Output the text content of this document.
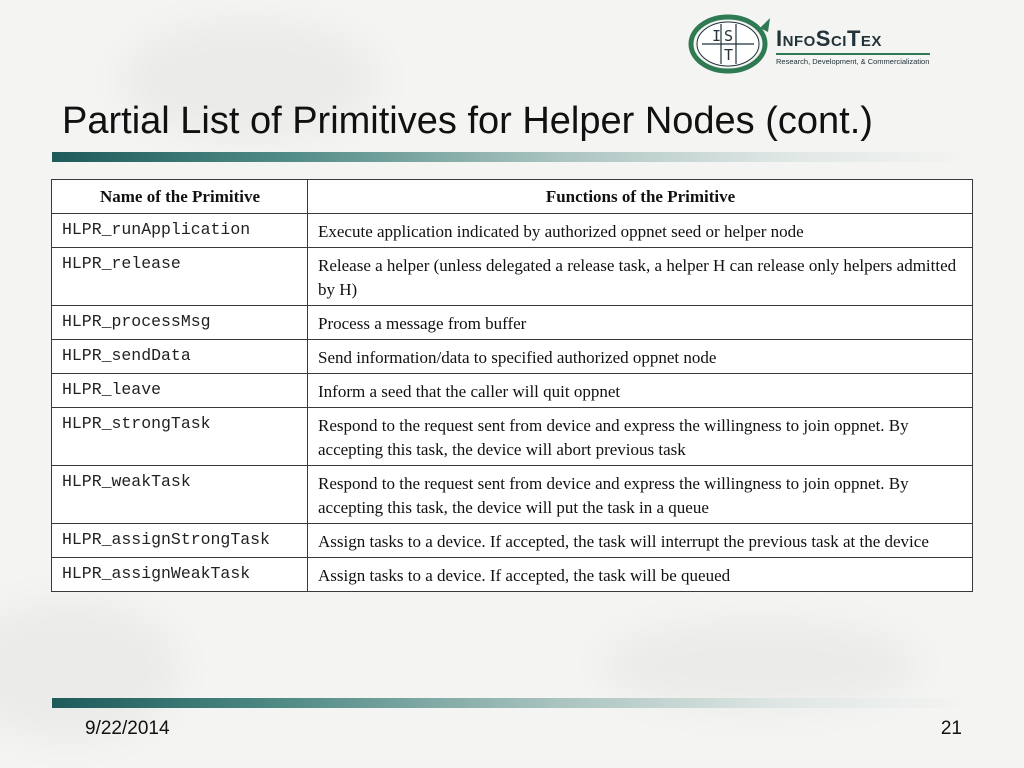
I S
T
InfoSciTex
Research, Development, & Commercialization
Partial List of Primitives for Helper Nodes (cont.)
Name of the Primitive	Functions of the Primitive
HLPR_runApplication	Execute application indicated by authorized oppnet seed or helper node
HLPR_release	Release a helper (unless delegated a release task, a helper H can release only helpers admitted by H)
HLPR_processMsg	Process a message from buffer
HLPR_sendData	Send information/data to specified authorized oppnet node
HLPR_leave	Inform a seed that the caller will quit oppnet
HLPR_strongTask	Respond to the request sent from device and express the willingness to join oppnet. By accepting this task, the device will abort previous task
HLPR_weakTask	Respond to the request sent from device and express the willingness to join oppnet. By accepting this task, the device will put the task in a queue
HLPR_assignStrongTask	Assign tasks to a device. If accepted, the task will interrupt the previous task at the device
HLPR_assignWeakTask	Assign tasks to a device. If accepted, the task will be queued
9/22/2014	21
